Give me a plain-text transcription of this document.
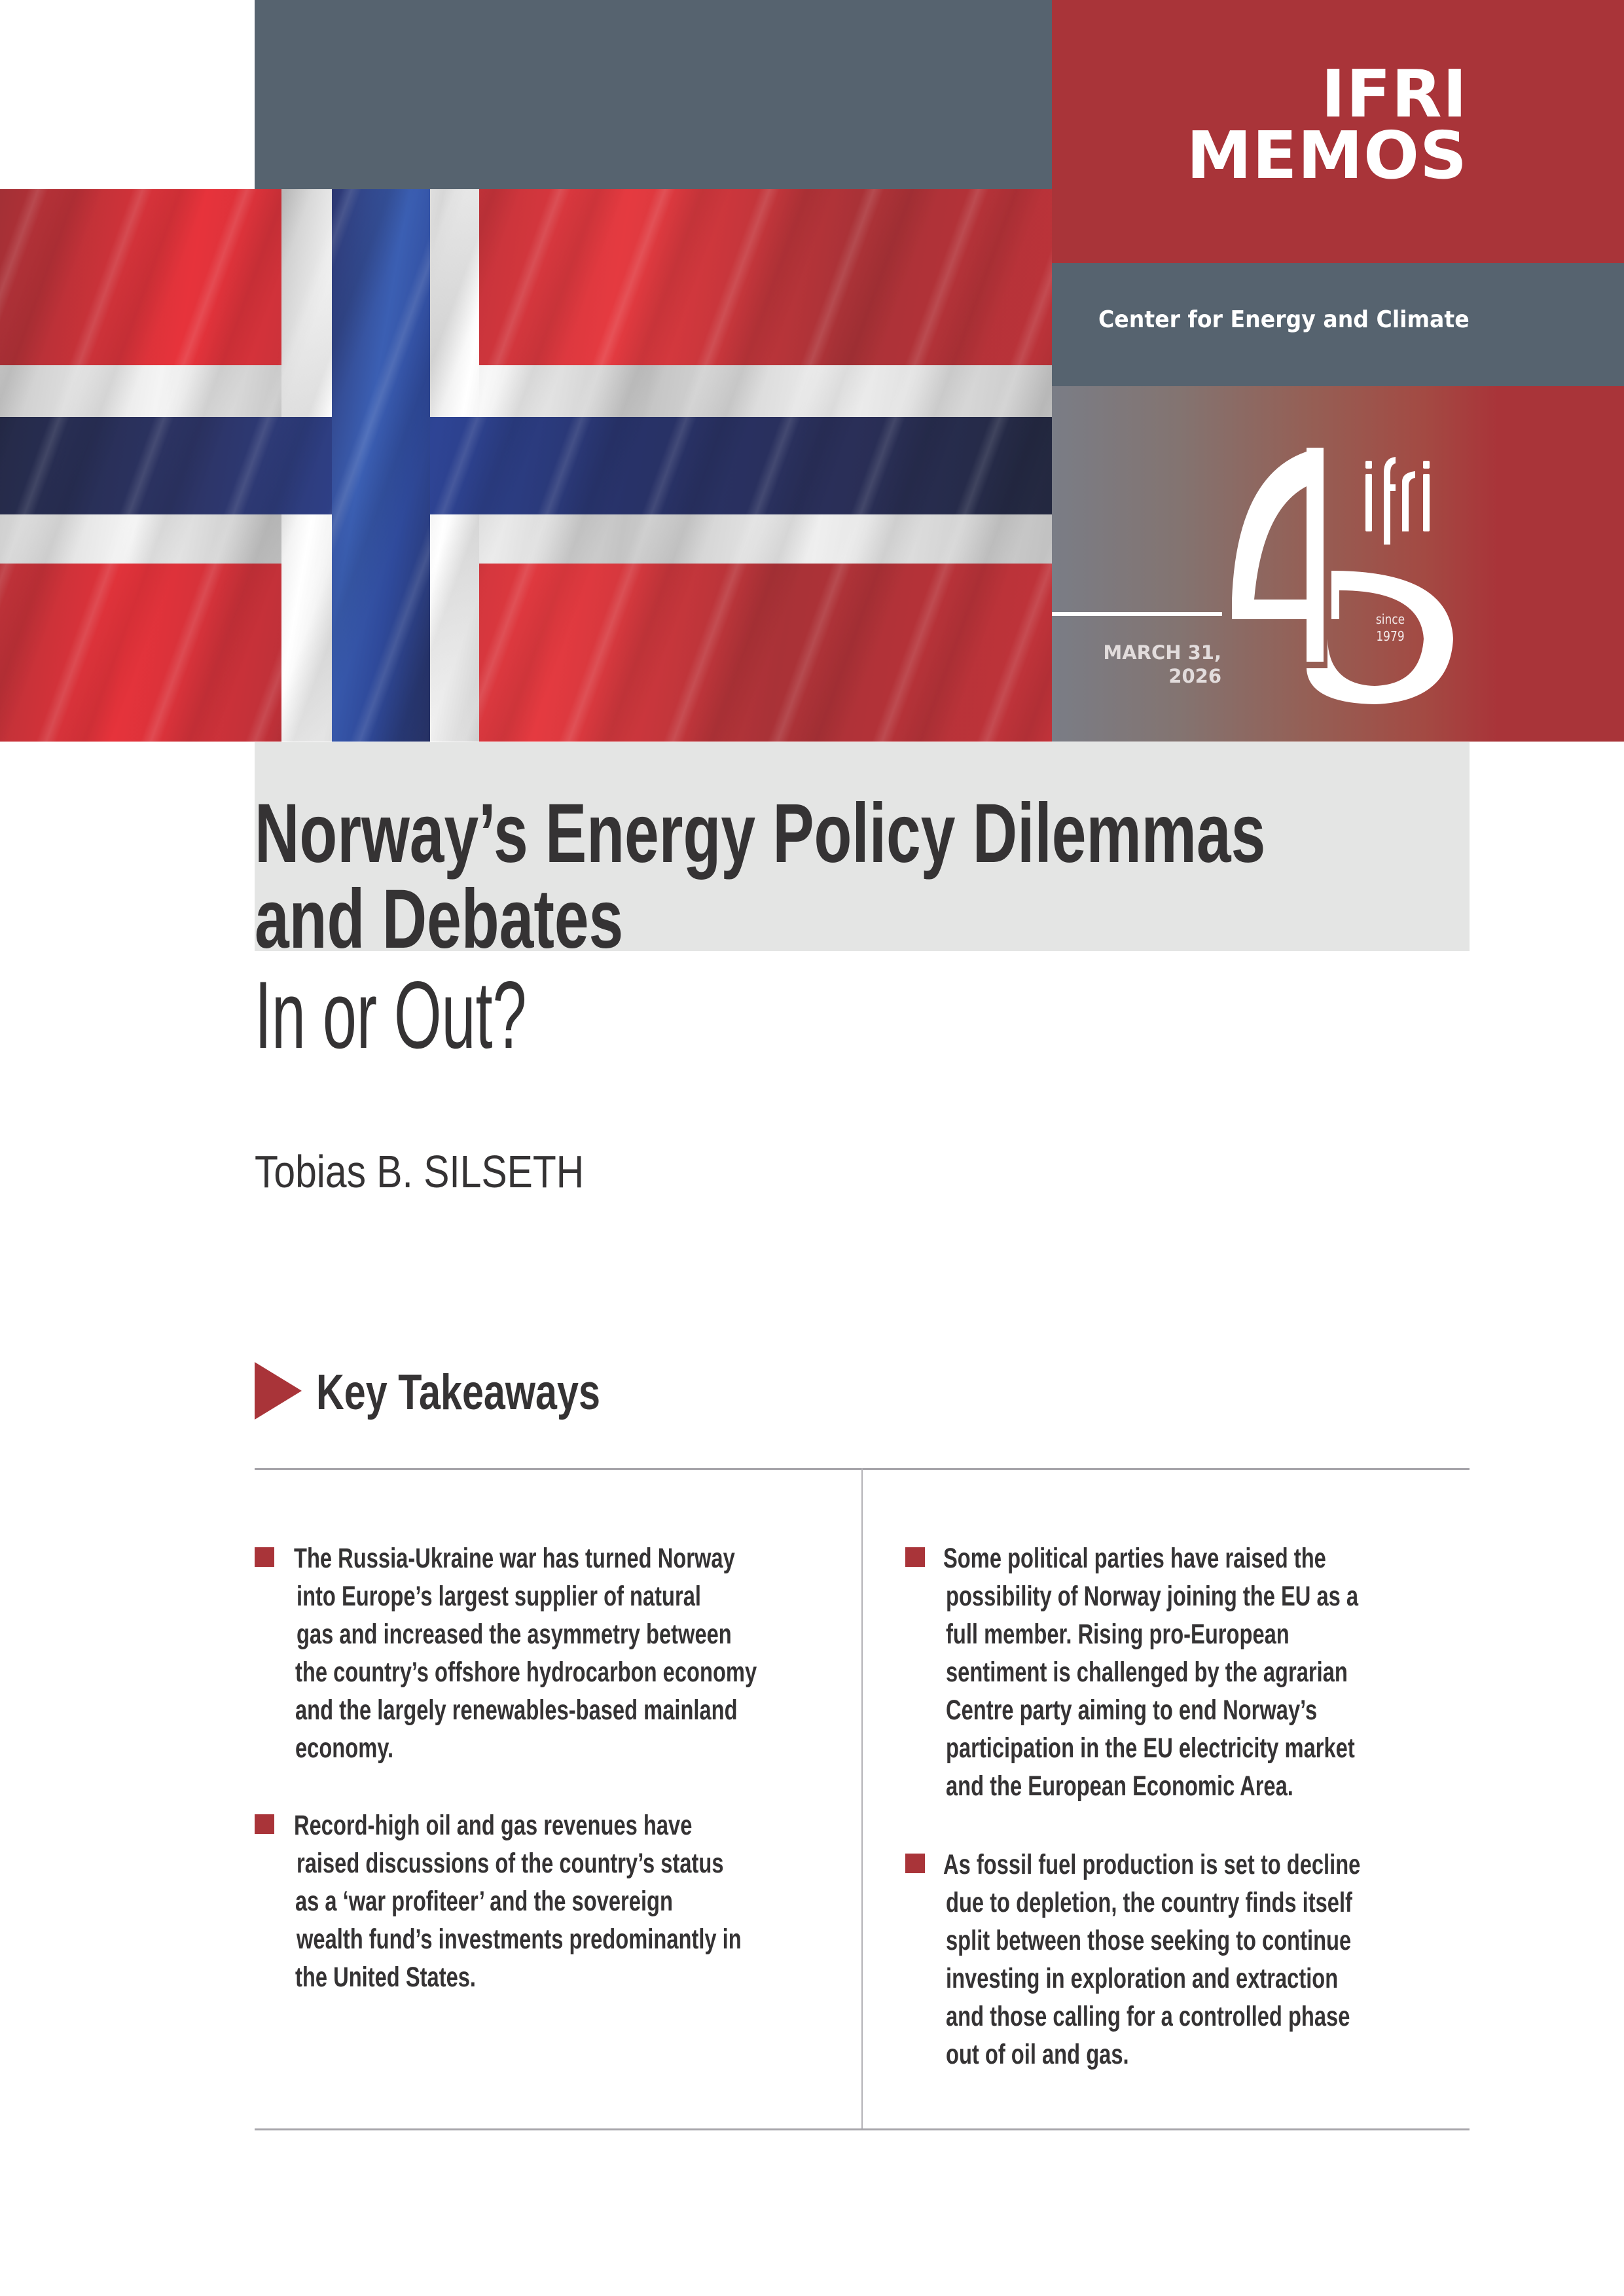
IFRI
MEMOS
Center for Energy and Climate
MARCH 31,
2026
since
1979
Norway’s Energy Policy Dilemmas
and Debates
In or Out?
Tobias B. SILSETH
Key Takeaways
The Russia-Ukraine war has turned Norway
into Europe’s largest supplier of natural
gas and increased the asymmetry between
the country’s offshore hydrocarbon economy
and the largely renewables-based mainland
economy.
Record-high oil and gas revenues have
raised discussions of the country’s status
as a ‘war profiteer’ and the sovereign
wealth fund’s investments predominantly in
the United States.
Some political parties have raised the
possibility of Norway joining the EU as a
full member. Rising pro-European
sentiment is challenged by the agrarian
Centre party aiming to end Norway’s
participation in the EU electricity market
and the European Economic Area.
As fossil fuel production is set to decline
due to depletion, the country finds itself
split between those seeking to continue
investing in exploration and extraction
and those calling for a controlled phase
out of oil and gas.
